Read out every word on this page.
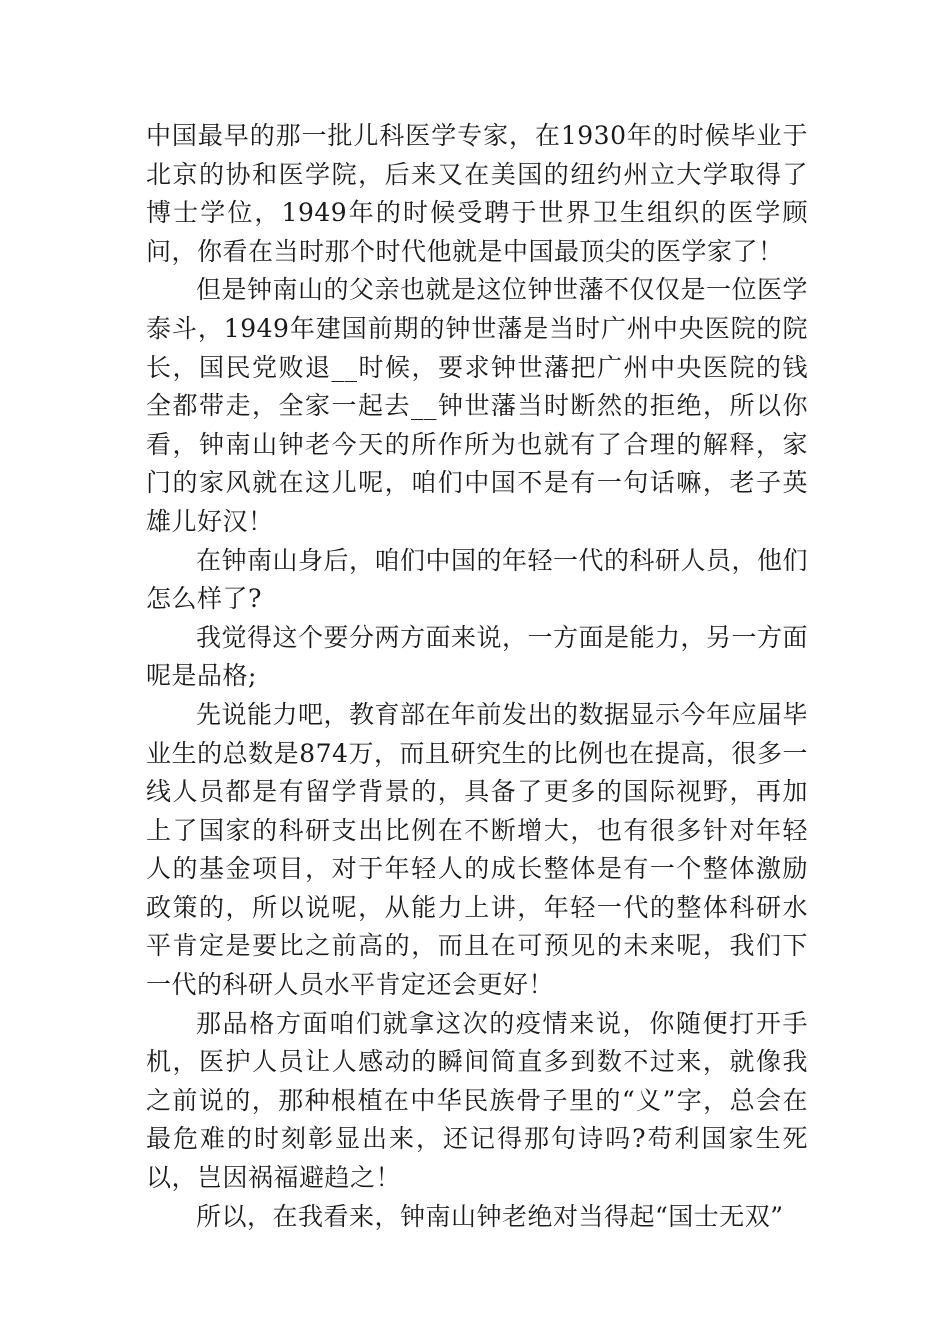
中国最早的那一批儿科医学专家，在1930年的时候毕业于北京的协和医学院，后来又在美国的纽约州立大学取得了博士学位，1949年的时候受聘于世界卫生组织的医学顾问，你看在当时那个时代他就是中国最顶尖的医学家了！

但是钟南山的父亲也就是这位钟世藩不仅仅是一位医学泰斗，1949年建国前期的钟世藩是当时广州中央医院的院长，国民党败退__时候，要求钟世藩把广州中央医院的钱全都带走，全家一起去__钟世藩当时断然的拒绝，所以你看，钟南山钟老今天的所作所为也就有了合理的解释，家门的家风就在这儿呢，咱们中国不是有一句话嘛，老子英雄儿好汉！

在钟南山身后，咱们中国的年轻一代的科研人员，他们怎么样了?

我觉得这个要分两方面来说，一方面是能力，另一方面呢是品格;

先说能力吧，教育部在年前发出的数据显示今年应届毕业生的总数是874万，而且研究生的比例也在提高，很多一线人员都是有留学背景的，具备了更多的国际视野，再加上了国家的科研支出比例在不断增大，也有很多针对年轻人的基金项目，对于年轻人的成长整体是有一个整体激励政策的，所以说呢，从能力上讲，年轻一代的整体科研水平肯定是要比之前高的，而且在可预见的未来呢，我们下一代的科研人员水平肯定还会更好！

那品格方面咱们就拿这次的疫情来说，你随便打开手机，医护人员让人感动的瞬间简直多到数不过来，就像我之前说的，那种根植在中华民族骨子里的“义”字，总会在最危难的时刻彰显出来，还记得那句诗吗?苟利国家生死以，岂因祸福避趋之！

所以，在我看来，钟南山钟老绝对当得起“国士无双”
